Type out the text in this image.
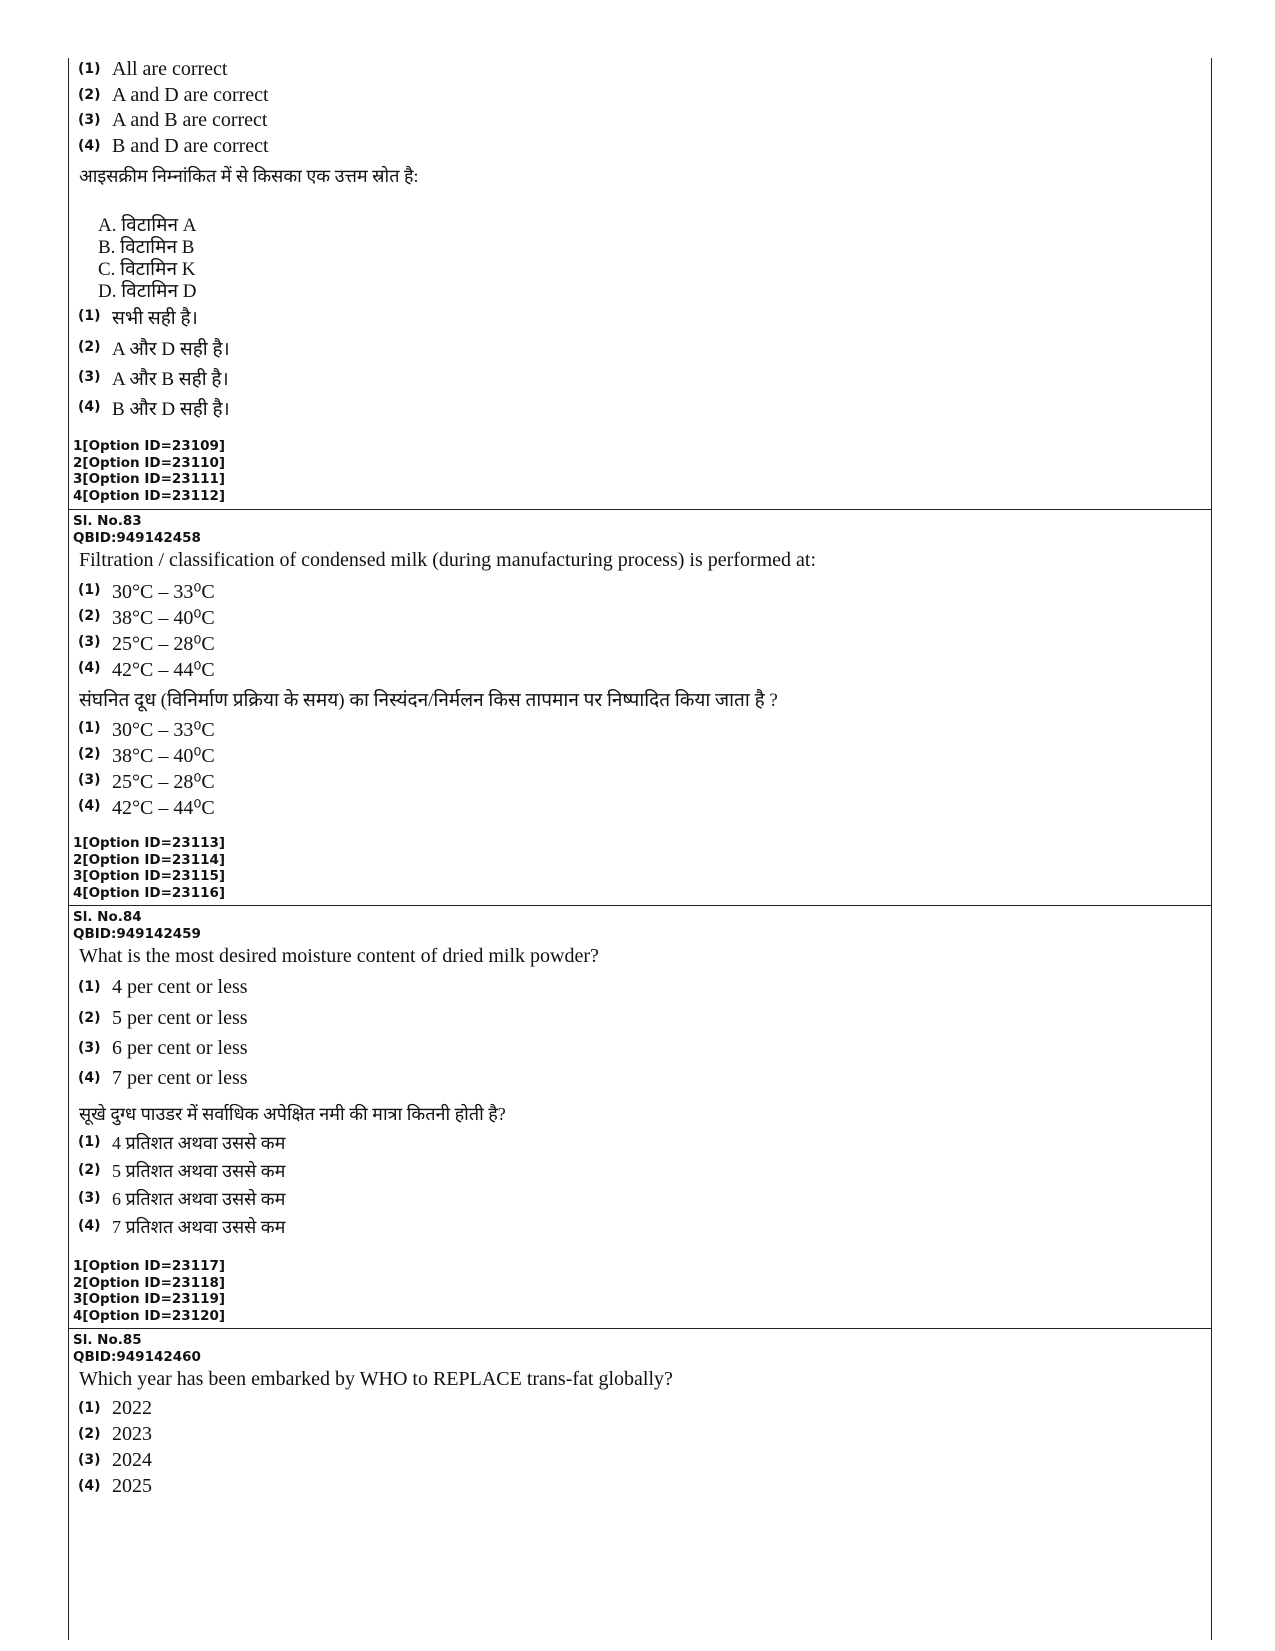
(1) All are correct
(2) A and D are correct
(3) A and B are correct
(4) B and D are correct
आइसक्रीम निम्नांकित में से किसका एक उत्तम स्रोत है:
A. विटामिन A
B. विटामिन B
C. विटामिन K
D. विटामिन D
(1) सभी सही है।
(2) A और D सही है।
(3) A और B सही है।
(4) B और D सही है।
1[Option ID=23109]
2[Option ID=23110]
3[Option ID=23111]
4[Option ID=23112]
Sl. No.83
QBID:949142458
Filtration / classification of condensed milk (during manufacturing process) is performed at:
(1) 30°C – 33⁰C
(2) 38°C – 40⁰C
(3) 25°C – 28⁰C
(4) 42°C – 44⁰C
संघनित दूध (विनिर्माण प्रक्रिया के समय) का निस्यंदन/निर्मलन किस तापमान पर निष्पादित किया जाता है ?
(1) 30°C – 33⁰C
(2) 38°C – 40⁰C
(3) 25°C – 28⁰C
(4) 42°C – 44⁰C
1[Option ID=23113]
2[Option ID=23114]
3[Option ID=23115]
4[Option ID=23116]
Sl. No.84
QBID:949142459
What is the most desired moisture content of dried milk powder?
(1) 4 per cent or less
(2) 5 per cent or less
(3) 6 per cent or less
(4) 7 per cent or less
सूखे दुग्ध पाउडर में सर्वाधिक अपेक्षित नमी की मात्रा कितनी होती है?
(1) 4 प्रतिशत अथवा उससे कम
(2) 5 प्रतिशत अथवा उससे कम
(3) 6 प्रतिशत अथवा उससे कम
(4) 7 प्रतिशत अथवा उससे कम
1[Option ID=23117]
2[Option ID=23118]
3[Option ID=23119]
4[Option ID=23120]
Sl. No.85
QBID:949142460
Which year has been embarked by WHO to REPLACE trans-fat globally?
(1) 2022
(2) 2023
(3) 2024
(4) 2025
